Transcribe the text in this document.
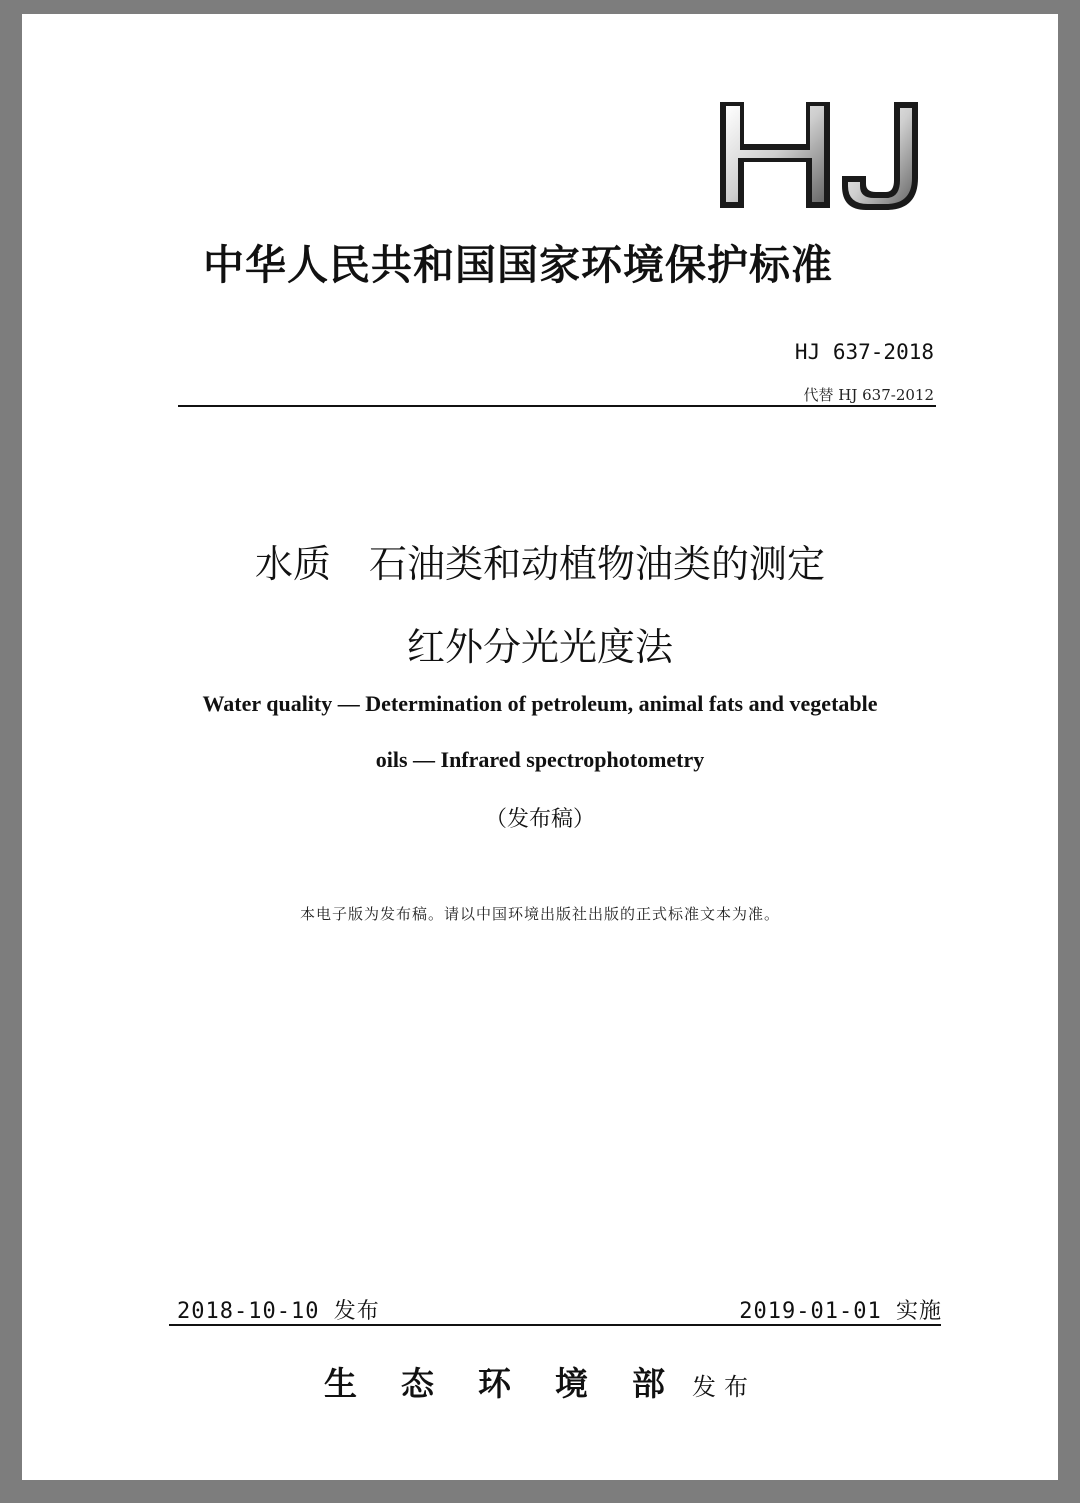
中华人民共和国国家环境保护标准
HJ 637-2018
代替 HJ 637-2012
水质　石油类和动植物油类的测定
红外分光光度法
Water quality — Determination of petroleum, animal fats and vegetable
oils — Infrared spectrophotometry
（发布稿）
本电子版为发布稿。请以中国环境出版社出版的正式标准文本为准。
2018-10-10 发布	2019-01-01 实施
生态环境部 发布
